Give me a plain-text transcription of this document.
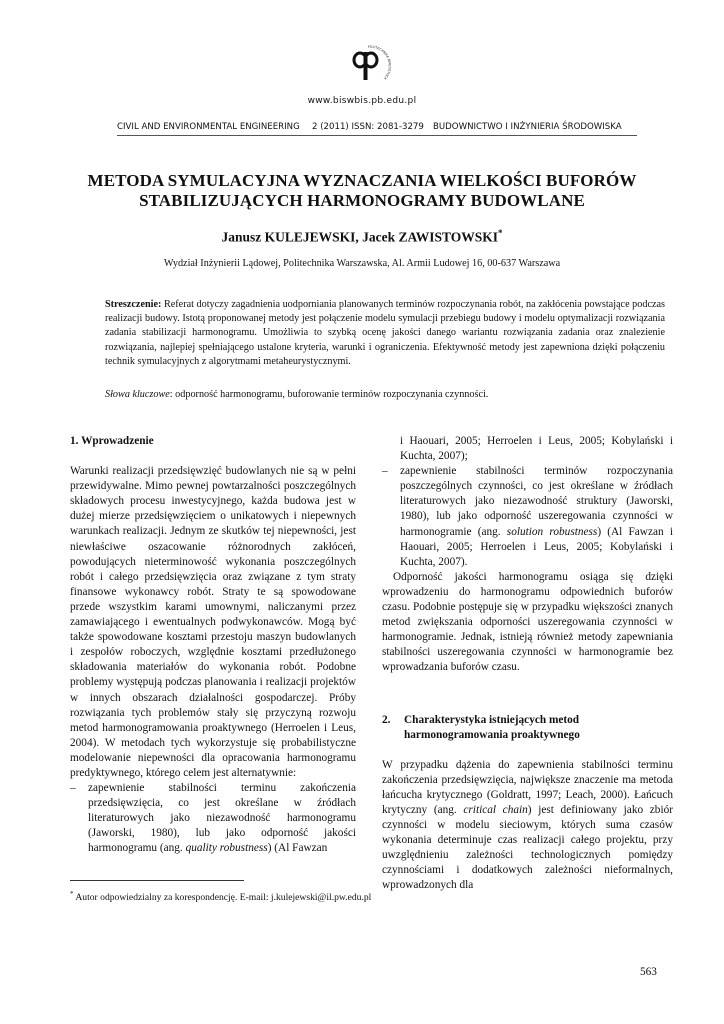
POLITECHNIKA BIAŁOSTOCK
www.biswbis.pb.edu.pl
CIVIL AND ENVIRONMENTAL ENGINEERING 2 (2011) ISSN: 2081-3279 BUDOWNICTWO I INŻYNIERIA ŚRODOWISKA
METODA SYMULACYJNA WYZNACZANIA WIELKOŚCI BUFORÓW
STABILIZUJĄCYCH HARMONOGRAMY BUDOWLANE
Janusz KULEJEWSKI, Jacek ZAWISTOWSKI*
Wydział Inżynierii Lądowej, Politechnika Warszawska, Al. Armii Ludowej 16, 00-637 Warszawa
Streszczenie: Referat dotyczy zagadnienia uodporniania planowanych terminów rozpoczynania robót, na zakłócenia powstające podczas realizacji budowy. Istotą proponowanej metody jest połączenie modelu symulacji przebiegu budowy i modelu optymalizacji rozwiązania zadania stabilizacji harmonogramu. Umożliwia to szybką ocenę jakości danego wariantu rozwiązania zadania oraz znalezienie rozwiązania, najlepiej spełniającego ustalone kryteria, warunki i ograniczenia. Efektywność metody jest zapewniona dzięki połączeniu technik symulacyjnych z algorytmami metaheurystycznymi.
Słowa kluczowe: odporność harmonogramu, buforowanie terminów rozpoczynania czynności.

1. Wprowadzenie

Warunki realizacji przedsięwzięć budowlanych nie są w pełni przewidywalne. Mimo pewnej powtarzalności poszczególnych składowych procesu inwestycyjnego, każda budowa jest w dużej mierze przedsięwzięciem o unikatowych i niepewnych warunkach realizacji. Jednym ze skutków tej niepewności, jest niewłaściwe oszacowanie różnorodnych zakłóceń, powodujących nieterminowość wykonania poszczególnych robót i całego przedsięwzięcia oraz związane z tym straty finansowe wykonawcy robót. Straty te są spowodowane przede wszystkim karami umownymi, naliczanymi przez zamawiającego i ewentualnych podwykonawców. Mogą być także spowodowane kosztami przestoju maszyn budowlanych i zespołów roboczych, względnie kosztami przedłużonego składowania materiałów do wykonania robót. Podobne problemy występują podczas planowania i realizacji projektów w innych obszarach działalności gospodarczej. Próby rozwiązania tych problemów stały się przyczyną rozwoju metod harmonogramowania proaktywnego (Herroelen i Leus, 2004). W metodach tych wykorzystuje się probabilistyczne modelowanie niepewności dla opracowania harmonogramu predyktywnego, którego celem jest alternatywnie:

– zapewnienie stabilności terminu zakończenia przedsięwzięcia, co jest określane w źródłach literaturowych jako niezawodność harmonogramu (Jaworski, 1980), lub jako odporność jakości harmonogramu (ang. quality robustness) (Al Fawzan

i Haouari, 2005; Herroelen i Leus, 2005; Kobylański i Kuchta, 2007);

– zapewnienie stabilności terminów rozpoczynania poszczególnych czynności, co jest określane w źródłach literaturowych jako niezawodność struktury (Jaworski, 1980), lub jako odporność uszeregowania czynności w harmonogramie (ang. solution robustness) (Al Fawzan i Haouari, 2005; Herroelen i Leus, 2005; Kobylański i Kuchta, 2007).

Odporność jakości harmonogramu osiąga się dzięki wprowadzeniu do harmonogramu odpowiednich buforów czasu. Podobnie postępuje się w przypadku większości znanych metod zwiększania odporności uszeregowania czynności w harmonogramie. Jednak, istnieją również metody zapewniania stabilności uszeregowania czynności w harmonogramie bez wprowadzania buforów czasu.

2. Charakterystyka istniejących metod harmonogramowania proaktywnego

W przypadku dążenia do zapewnienia stabilności terminu zakończenia przedsięwzięcia, największe znaczenie ma metoda łańcucha krytycznego (Goldratt, 1997; Leach, 2000). Łańcuch krytyczny (ang. critical chain) jest definiowany jako zbiór czynności w modelu sieciowym, których suma czasów wykonania determinuje czas realizacji całego projektu, przy uwzględnieniu zależności technologicznych pomiędzy czynnościami i dodatkowych zależności nieformalnych, wprowadzonych dla

* Autor odpowiedzialny za korespondencję. E-mail: j.kulejewski@il.pw.edu.pl
563
